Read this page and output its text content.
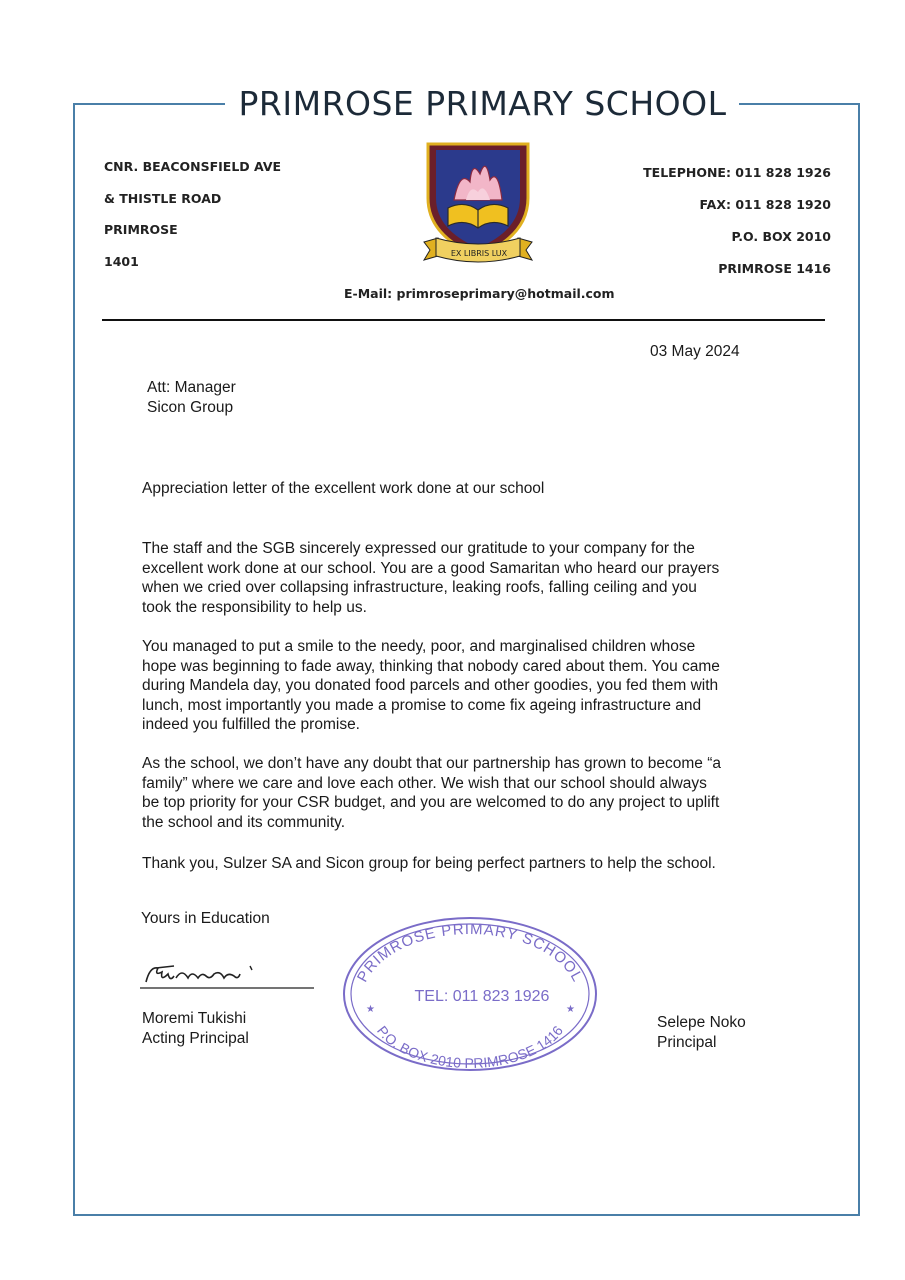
PRIMROSE PRIMARY SCHOOL
CNR. BEACONSFIELD AVE
& THISTLE ROAD
PRIMROSE
1401
TELEPHONE: 011 828 1926
FAX: 011 828 1920
P.O. BOX 2010
PRIMROSE 1416
EX LIBRIS LUX
E-Mail: primroseprimary@hotmail.com
03 May 2024
Att: Manager
Sicon Group
Appreciation letter of the excellent work done at our school
The staff and the SGB sincerely expressed our gratitude to your company for the
excellent work done at our school. You are a good Samaritan who heard our prayers
when we cried over collapsing infrastructure, leaking roofs, falling ceiling and you
took the responsibility to help us.
You managed to put a smile to the needy, poor, and marginalised children whose
hope was beginning to fade away, thinking that nobody cared about them. You came
during Mandela day, you donated food parcels and other goodies, you fed them with
lunch, most importantly you made a promise to come fix ageing infrastructure and
indeed you fulfilled the promise.
As the school, we don’t have any doubt that our partnership has grown to become “a
family” where we care and love each other. We wish that our school should always
be top priority for your CSR budget, and you are welcomed to do any project to uplift
the school and its community.
Thank you, Sulzer SA and Sicon group for being perfect partners to help the school.
Yours in Education
Moremi Tukishi
Acting Principal
Selepe Noko
Principal
PRIMROSE PRIMARY SCHOOL
P.O. BOX 2010 PRIMROSE 1416
TEL: 011 823 1926
★	★
